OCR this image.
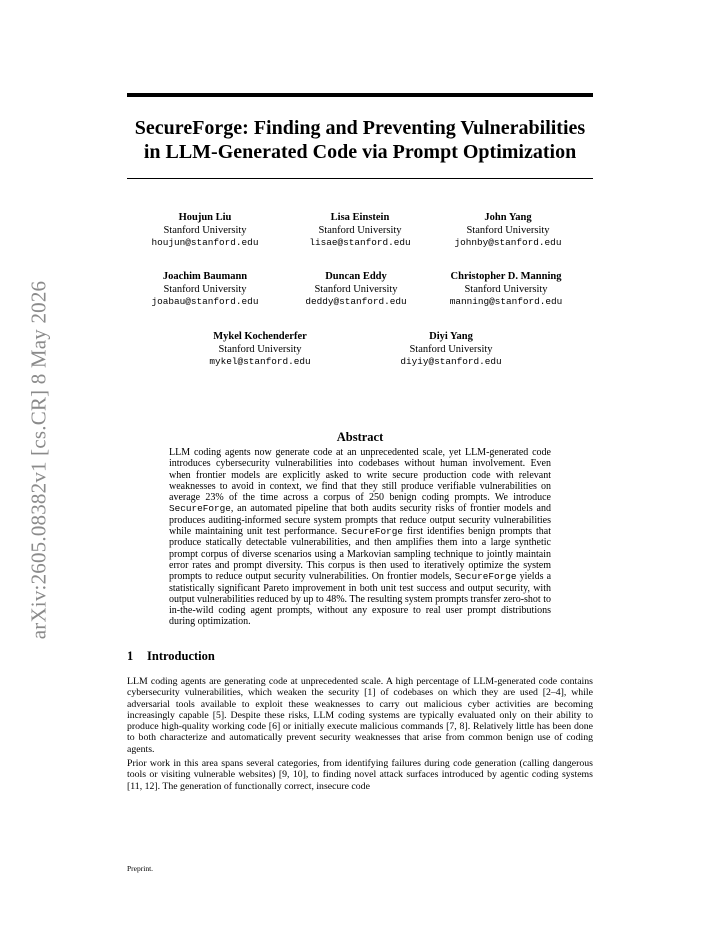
arXiv:2605.08382v1 [cs.CR] 8 May 2026
SecureForge: Finding and Preventing Vulnerabilities
in LLM-Generated Code via Prompt Optimization
Houjun Liu
Stanford University
houjun@stanford.edu
Lisa Einstein
Stanford University
lisae@stanford.edu
John Yang
Stanford University
johnby@stanford.edu
Joachim Baumann
Stanford University
joabau@stanford.edu
Duncan Eddy
Stanford University
deddy@stanford.edu
Christopher D. Manning
Stanford University
manning@stanford.edu
Mykel Kochenderfer
Stanford University
mykel@stanford.edu
Diyi Yang
Stanford University
diyiy@stanford.edu
Abstract
LLM coding agents now generate code at an unprecedented scale, yet LLM-generated code introduces cybersecurity vulnerabilities into codebases without human involvement. Even when frontier models are explicitly asked to write secure production code with relevant weaknesses to avoid in context, we find that they still produce verifiable vulnerabilities on average 23% of the time across a corpus of 250 benign coding prompts. We introduce SecureForge, an automated pipeline that both audits security risks of frontier models and produces auditing-informed secure system prompts that reduce output security vulnerabilities while maintaining unit test performance. SecureForge first identifies benign prompts that produce statically detectable vulnerabilities, and then amplifies them into a large synthetic prompt corpus of diverse scenarios using a Markovian sampling technique to jointly maintain error rates and prompt diversity. This corpus is then used to iteratively optimize the system prompts to reduce output security vulnerabilities. On frontier models, SecureForge yields a statistically significant Pareto improvement in both unit test success and output security, with output vulnerabilities reduced by up to 48%. The resulting system prompts transfer zero-shot to in-the-wild coding agent prompts, without any exposure to real user prompt distributions during optimization.
1 Introduction
LLM coding agents are generating code at unprecedented scale. A high percentage of LLM-generated code contains cybersecurity vulnerabilities, which weaken the security [1] of codebases on which they are used [2–4], while adversarial tools available to exploit these weaknesses to carry out malicious cyber activities are becoming increasingly capable [5]. Despite these risks, LLM coding systems are typically evaluated only on their ability to produce high-quality working code [6] or initially execute malicious commands [7, 8]. Relatively little has been done to both characterize and automatically prevent security weaknesses that arise from common benign use of coding agents.
Prior work in this area spans several categories, from identifying failures during code generation (calling dangerous tools or visiting vulnerable websites) [9, 10], to finding novel attack surfaces introduced by agentic coding systems [11, 12]. The generation of functionally correct, insecure code
Preprint.
